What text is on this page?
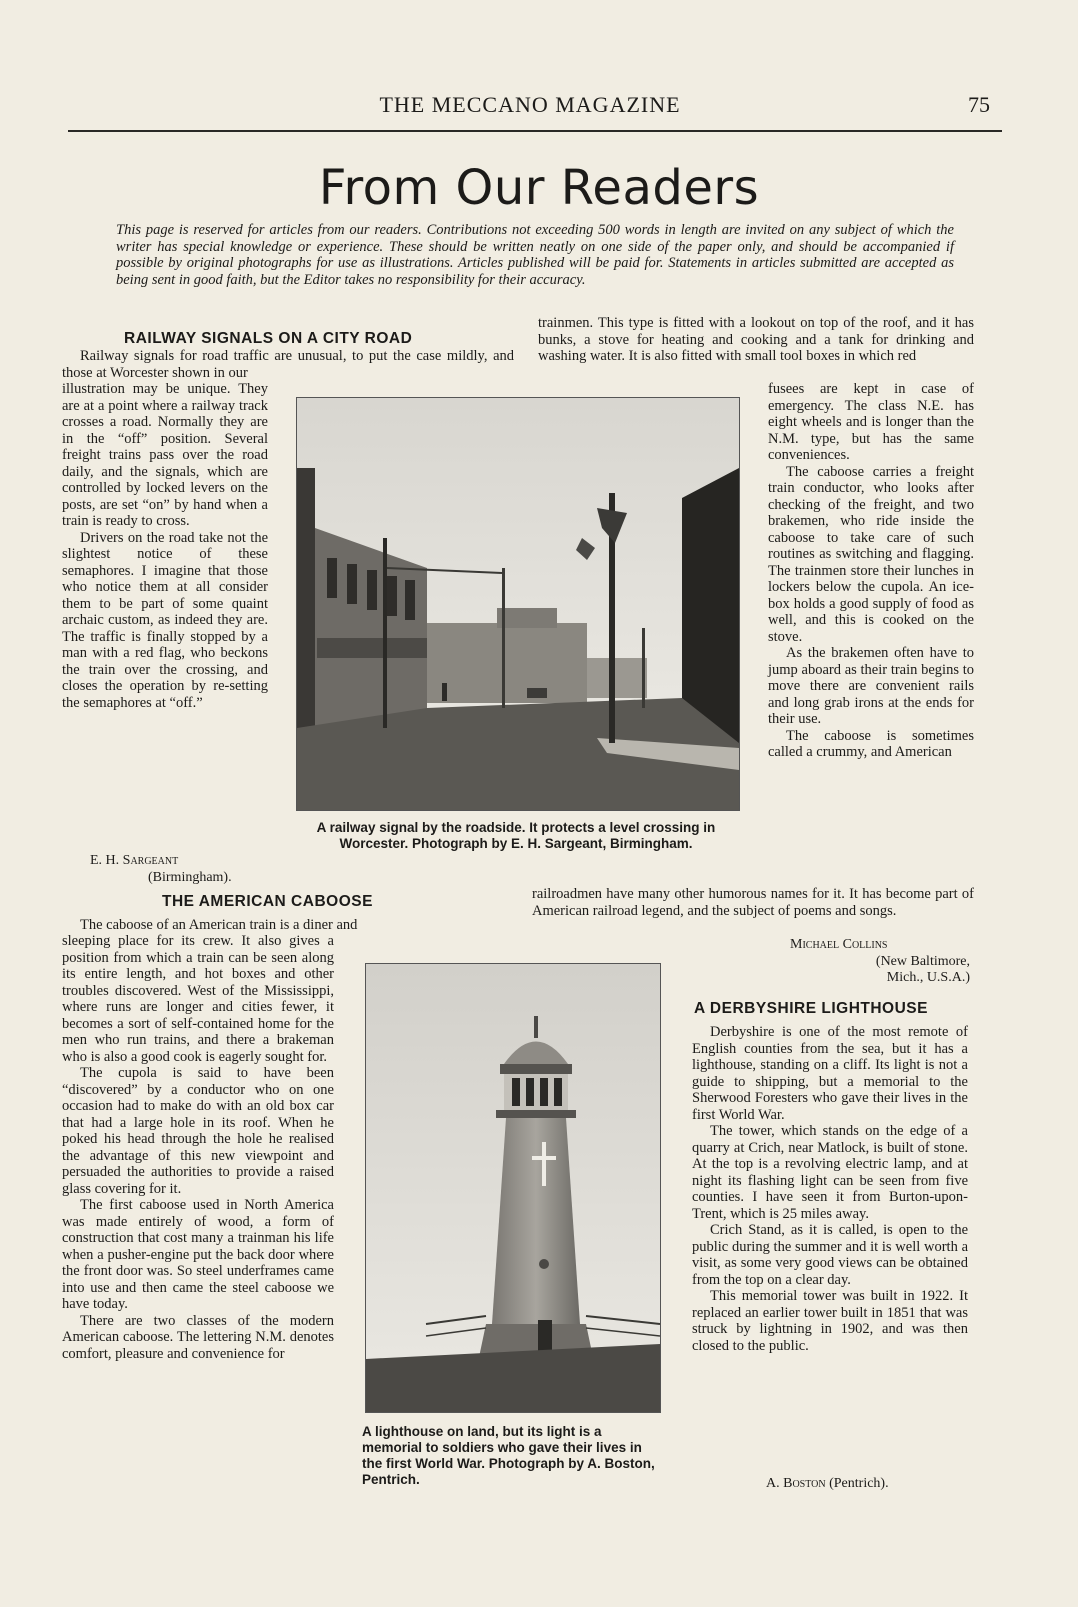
THE MECCANO MAGAZINE	75
From Our Readers
This page is reserved for articles from our readers. Contributions not exceeding 500 words in length are invited on any subject of which the writer has special knowledge or experience. These should be written neatly on one side of the paper only, and should be accompanied if possible by original photographs for use as illustrations. Articles published will be paid for. Statements in articles submitted are accepted as being sent in good faith, but the Editor takes no responsibility for their accuracy.
RAILWAY SIGNALS ON A CITY ROAD

Railway signals for road traffic are unusual, to put the case mildly, and those at Worcester shown in our

illustration may be unique. They are at a point where a railway track crosses a road. Normally they are in the “off” position. Several freight trains pass over the road daily, and the signals, which are controlled by locked levers on the posts, are set “on” by hand when a train is ready to cross.

Drivers on the road take not the slightest notice of these semaphores. I imagine that those who notice them at all consider them to be part of some quaint archaic custom, as indeed they are. The traffic is finally stopped by a man with a red flag, who beckons the train over the crossing, and closes the operation by re-setting the semaphores at “off.”

E. H. Sargeant
(Birmingham).
A railway signal by the roadside. It protects a level crossing in Worcester. Photograph by E. H. Sargeant, Birmingham.
THE AMERICAN CABOOSE

The caboose of an American train is a diner and

sleeping place for its crew. It also gives a position from which a train can be seen along its entire length, and hot boxes and other troubles discovered. West of the Mississippi, where runs are longer and cities fewer, it becomes a sort of self-contained home for the men who run trains, and there a brakeman who is also a good cook is eagerly sought for.

The cupola is said to have been “discovered” by a conductor who on one occasion had to make do with an old box car that had a large hole in its roof. When he poked his head through the hole he realised the advantage of this new viewpoint and persuaded the authorities to provide a raised glass covering for it.

The first caboose used in North America was made entirely of wood, a form of construction that cost many a trainman his life when a pusher-engine put the back door where the front door was. So steel underframes came into use and then came the steel caboose we have today.

There are two classes of the modern American caboose. The lettering N.M. denotes comfort, pleasure and convenience for

trainmen. This type is fitted with a lookout on top of the roof, and it has bunks, a stove for heating and cooking and a tank for drinking and washing water. It is also fitted with small tool boxes in which red

fusees are kept in case of emergency. The class N.E. has eight wheels and is longer than the N.M. type, but has the same conveniences.

The caboose carries a freight train conductor, who looks after checking of the freight, and two brakemen, who ride inside the caboose to take care of such routines as switching and flagging. The trainmen store their lunches in lockers below the cupola. An ice-box holds a good supply of food as well, and this is cooked on the stove.

As the brakemen often have to jump aboard as their train begins to move there are convenient rails and long grab irons at the ends for their use.

The caboose is sometimes called a crummy, and American

railroadmen have many other humorous names for it. It has become part of American railroad legend, and the subject of poems and songs.

Michael Collins
(New Baltimore,
Mich., U.S.A.)
A lighthouse on land, but its light is a memorial to soldiers who gave their lives in the first World War. Photograph by A. Boston, Pentrich.
A DERBYSHIRE LIGHTHOUSE

Derbyshire is one of the most remote of English counties from the sea, but it has a lighthouse, standing on a cliff. Its light is not a guide to shipping, but a memorial to the Sherwood Foresters who gave their lives in the first World War.

The tower, which stands on the edge of a quarry at Crich, near Matlock, is built of stone. At the top is a revolving electric lamp, and at night its flashing light can be seen from five counties. I have seen it from Burton-upon-Trent, which is 25 miles away.

Crich Stand, as it is called, is open to the public during the summer and it is well worth a visit, as some very good views can be obtained from the top on a clear day.

This memorial tower was built in 1922. It replaced an earlier tower built in 1851 that was struck by lightning in 1902, and was then closed to the public.

A. Boston (Pentrich).
